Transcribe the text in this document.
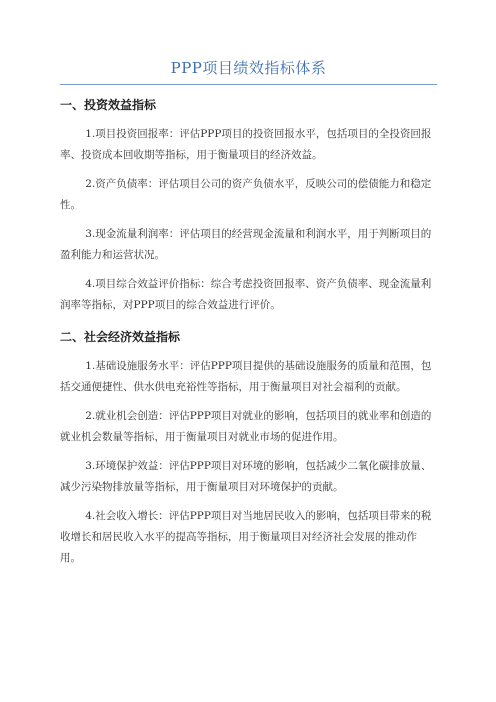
PPP项目绩效指标体系
一、投资效益指标

1.项目投资回报率：评估PPP项目的投资回报水平，包括项目的全投资回报率、投资成本回收期等指标，用于衡量项目的经济效益。

2.资产负债率：评估项目公司的资产负债水平，反映公司的偿债能力和稳定性。

3.现金流量利润率：评估项目的经营现金流量和利润水平，用于判断项目的盈利能力和运营状况。

4.项目综合效益评价指标：综合考虑投资回报率、资产负债率、现金流量利润率等指标，对PPP项目的综合效益进行评价。

二、社会经济效益指标

1.基础设施服务水平：评估PPP项目提供的基础设施服务的质量和范围，包括交通便捷性、供水供电充裕性等指标，用于衡量项目对社会福利的贡献。

2.就业机会创造：评估PPP项目对就业的影响，包括项目的就业率和创造的就业机会数量等指标，用于衡量项目对就业市场的促进作用。

3.环境保护效益：评估PPP项目对环境的影响，包括减少二氧化碳排放量、减少污染物排放量等指标，用于衡量项目对环境保护的贡献。

4.社会收入增长：评估PPP项目对当地居民收入的影响，包括项目带来的税收增长和居民收入水平的提高等指标，用于衡量项目对经济社会发展的推动作用。
